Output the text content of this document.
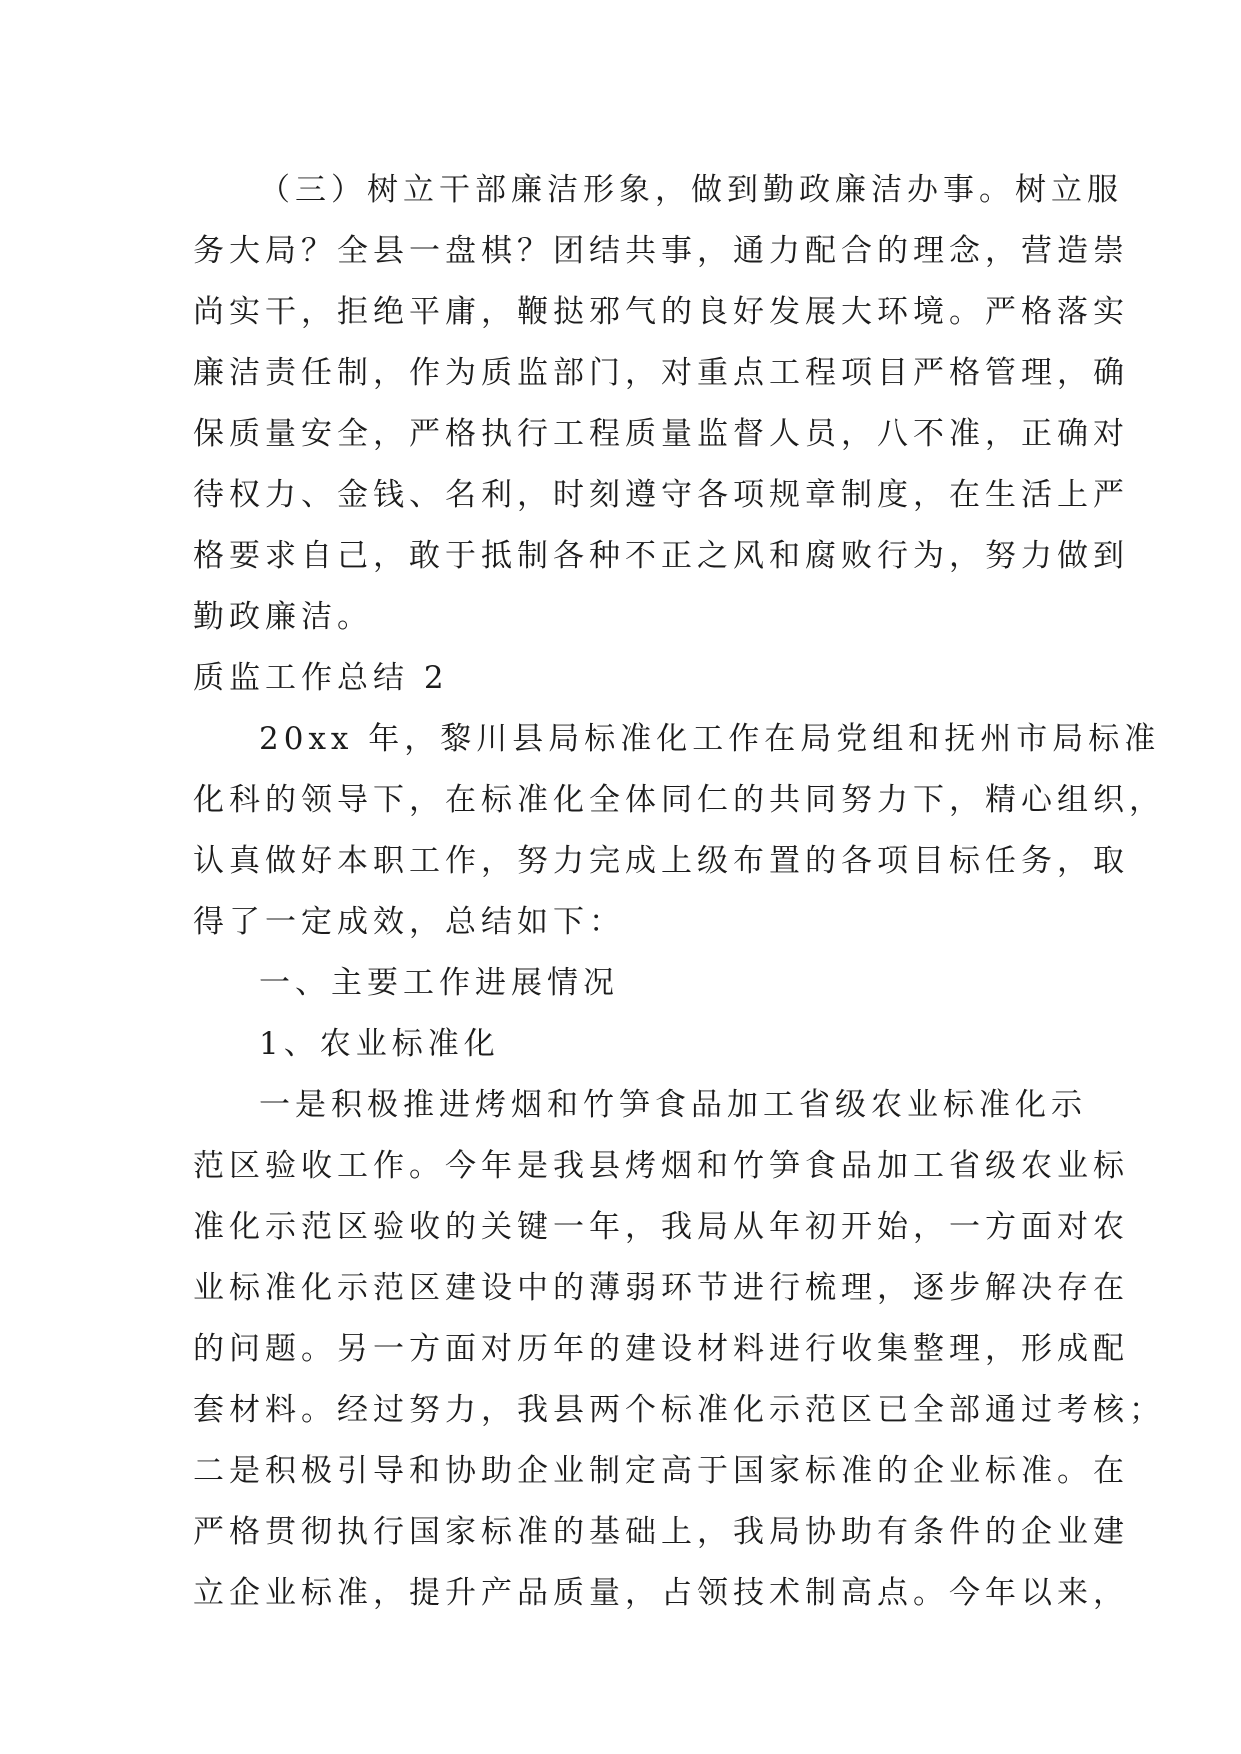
（三）树立干部廉洁形象，做到勤政廉洁办事。树立服
务大局？全县一盘棋？团结共事，通力配合的理念，营造崇
尚实干，拒绝平庸，鞭挞邪气的良好发展大环境。严格落实
廉洁责任制，作为质监部门，对重点工程项目严格管理，确
保质量安全，严格执行工程质量监督人员，八不准，正确对
待权力、金钱、名利，时刻遵守各项规章制度，在生活上严
格要求自己，敢于抵制各种不正之风和腐败行为，努力做到
勤政廉洁。
质监工作总结 2
20xx 年，黎川县局标准化工作在局党组和抚州市局标准
化科的领导下，在标准化全体同仁的共同努力下，精心组织，
认真做好本职工作，努力完成上级布置的各项目标任务，取
得了一定成效，总结如下：
一、主要工作进展情况
1、农业标准化
一是积极推进烤烟和竹笋食品加工省级农业标准化示
范区验收工作。今年是我县烤烟和竹笋食品加工省级农业标
准化示范区验收的关键一年，我局从年初开始，一方面对农
业标准化示范区建设中的薄弱环节进行梳理，逐步解决存在
的问题。另一方面对历年的建设材料进行收集整理，形成配
套材料。经过努力，我县两个标准化示范区已全部通过考核；
二是积极引导和协助企业制定高于国家标准的企业标准。在
严格贯彻执行国家标准的基础上，我局协助有条件的企业建
立企业标准，提升产品质量，占领技术制高点。今年以来，
